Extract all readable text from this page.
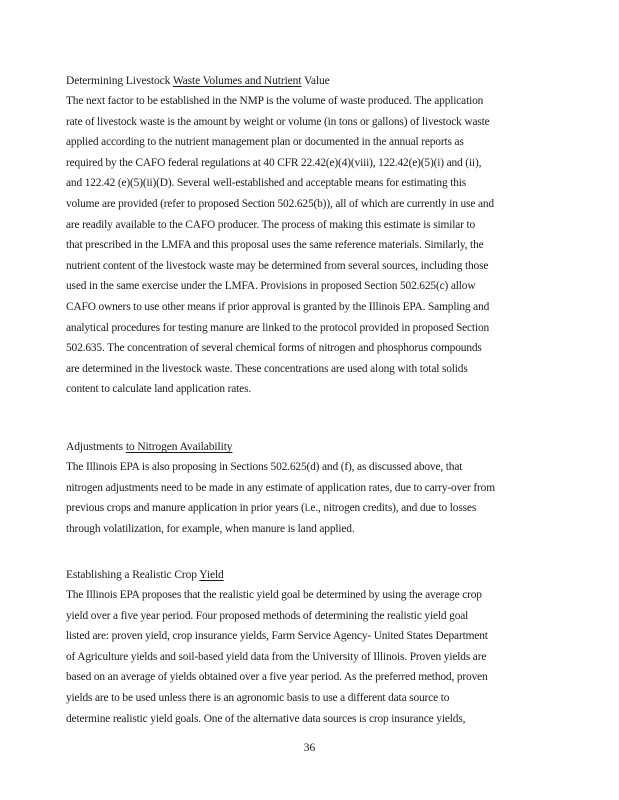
Determining Livestock Waste Volumes and Nutrient Value
The next factor to be established in the NMP is the volume of waste produced. The application
rate of livestock waste is the amount by weight or volume (in tons or gallons) of livestock waste
applied according to the nutrient management plan or documented in the annual reports as
required by the CAFO federal regulations at 40 CFR 22.42(e)(4)(viii), 122.42(e)(5)(i) and (ii),
and 122.42 (e)(5)(ii)(D). Several well-established and acceptable means for estimating this
volume are provided (refer to proposed Section 502.625(b)), all of which are currently in use and
are readily available to the CAFO producer. The process of making this estimate is similar to
that prescribed in the LMFA and this proposal uses the same reference materials. Similarly, the
nutrient content of the livestock waste may be determined from several sources, including those
used in the same exercise under the LMFA. Provisions in proposed Section 502.625(c) allow
CAFO owners to use other means if prior approval is granted by the Illinois EPA. Sampling and
analytical procedures for testing manure are linked to the protocol provided in proposed Section
502.635. The concentration of several chemical forms of nitrogen and phosphorus compounds
are determined in the livestock waste. These concentrations are used along with total solids
content to calculate land application rates.
Adjustments to Nitrogen Availability
The Illinois EPA is also proposing in Sections 502.625(d) and (f), as discussed above, that
nitrogen adjustments need to be made in any estimate of application rates, due to carry-over from
previous crops and manure application in prior years (i.e., nitrogen credits), and due to losses
through volatilization, for example, when manure is land applied.
Establishing a Realistic Crop Yield
The Illinois EPA proposes that the realistic yield goal be determined by using the average crop
yield over a five year period. Four proposed methods of determining the realistic yield goal
listed are: proven yield, crop insurance yields, Farm Service Agency- United States Department
of Agriculture yields and soil-based yield data from the University of Illinois. Proven yields are
based on an average of yields obtained over a five year period. As the preferred method, proven
yields are to be used unless there is an agronomic basis to use a different data source to
determine realistic yield goals. One of the alternative data sources is crop insurance yields,
36
